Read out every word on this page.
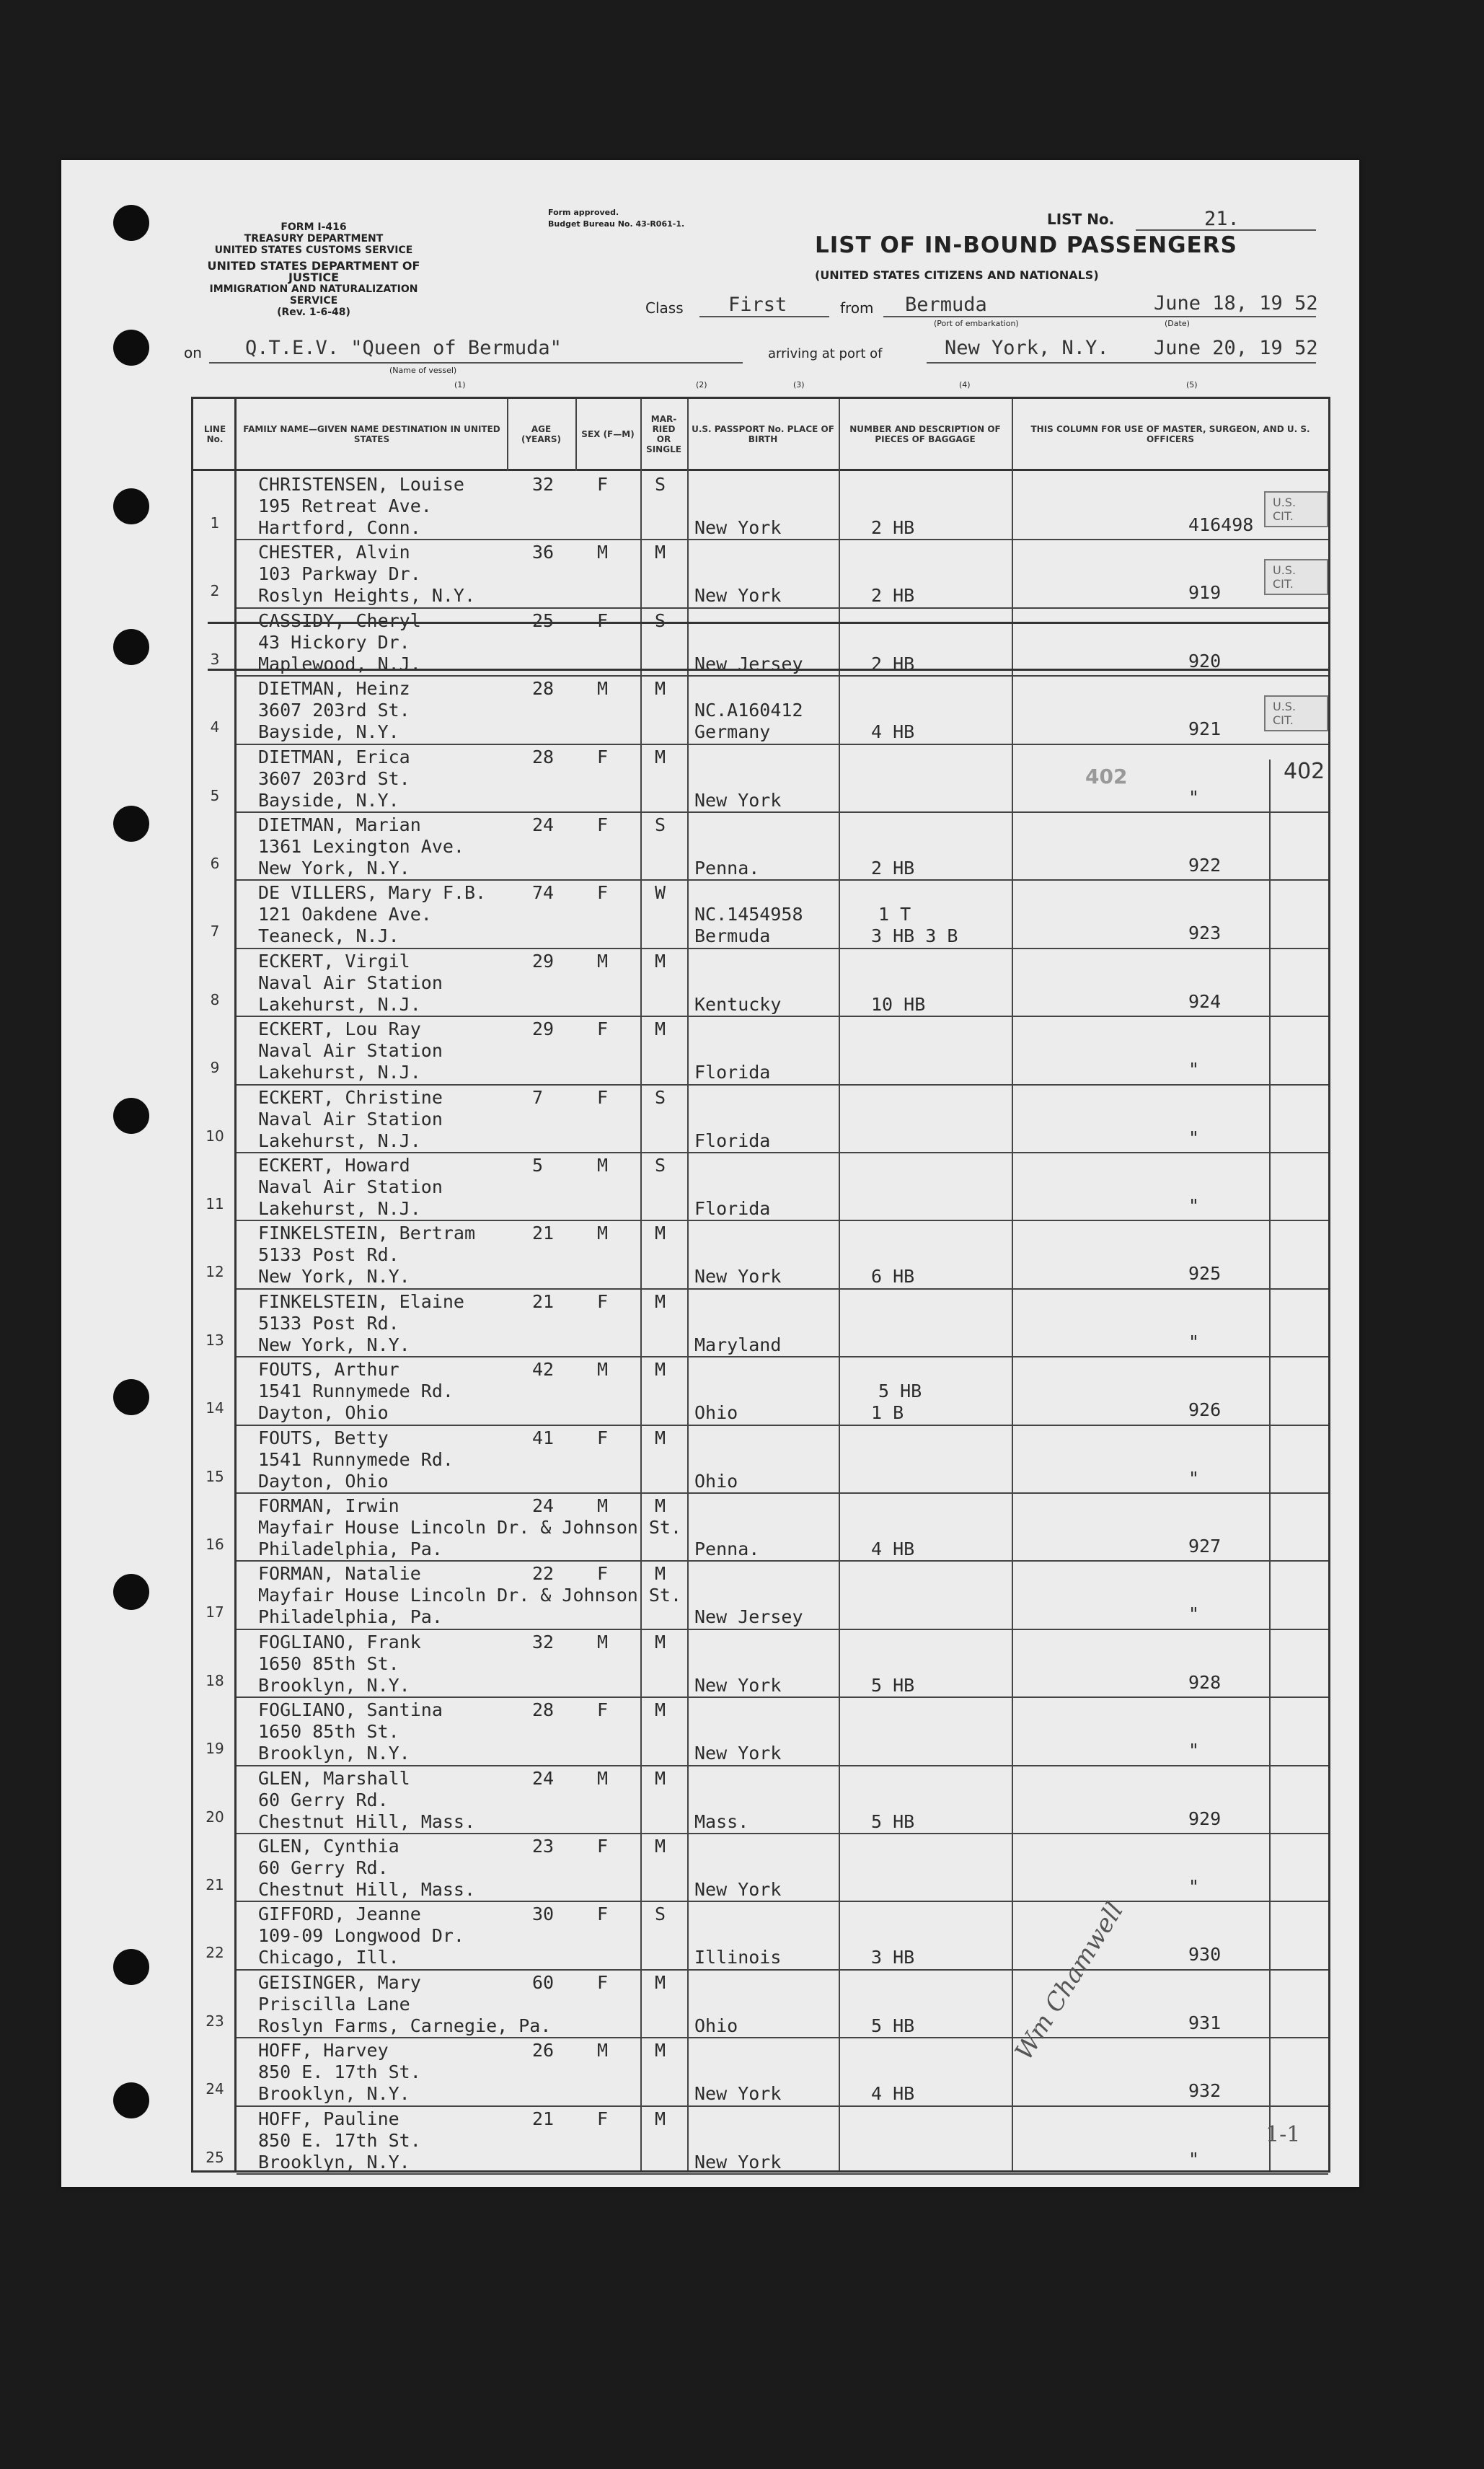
FORM I-416
TREASURY DEPARTMENT
UNITED STATES CUSTOMS SERVICE
UNITED STATES DEPARTMENT OF JUSTICE
IMMIGRATION AND NATURALIZATION SERVICE
(Rev. 1-6-48)
Form approved.
Budget Bureau No. 43-R061-1.	LIST No.	21.
LIST OF IN-BOUND PASSENGERS
(UNITED STATES CITIZENS AND NATIONALS)
Class First	from Bermuda
(Port of embarkation)
June 18, 19 52
(Date)
on Q.T.E.V. "Queen of Bermuda"
(Name of vessel)
arriving at port of	New York, N.Y. June 20, 19 52
(1)	(2)	(3)	(4)	(5)
LINE No.
FAMILY NAME—GIVEN NAME DESTINATION IN UNITED STATES
AGE (YEARS)	SEX (F—M)
MAR-RIED OR SINGLE
U.S. PASSPORT No. PLACE OF BIRTH
NUMBER AND DESCRIPTION OF PIECES OF BAGGAGE
THIS COLUMN FOR USE OF MASTER, SURGEON, AND U. S. OFFICERS
1
CHRISTENSEN, Louise
195 Retreat Ave.
Hartford, Conn.
32 F	S
New York	2 HB	416498
U.S. CIT.
2
CHESTER, Alvin
103 Parkway Dr.
Roslyn Heights, N.Y.
36 M	M
New York	2 HB	919
U.S. CIT.
3
CASSIDY, Cheryl
43 Hickory Dr.
Maplewood, N.J.
25 F	S
New Jersey	2 HB	920
4
DIETMAN, Heinz
3607 203rd St.
Bayside, N.Y.
28 M	M
NC.A160412
Germany	4 HB	921
U.S. CIT.
5
DIETMAN, Erica
3607 203rd St.
Bayside, N.Y.
28 F	M
New York	"
6
DIETMAN, Marian
1361 Lexington Ave.
New York, N.Y.
24 F	S
Penna.	2 HB	922
7
DE VILLERS, Mary F.B.
121 Oakdene Ave.
Teaneck, N.J.
74 F	W
NC.1454958
Bermuda
1 T
3 HB 3 B	923
8
ECKERT, Virgil
Naval Air Station
Lakehurst, N.J.
29 M	M
Kentucky	10 HB	924
9
ECKERT, Lou Ray
Naval Air Station
Lakehurst, N.J.
29 F	M
Florida	"
10
ECKERT, Christine
Naval Air Station
Lakehurst, N.J.
7	F	S
Florida	"
11
ECKERT, Howard
Naval Air Station
Lakehurst, N.J.
5	M	S
Florida	"
12
FINKELSTEIN, Bertram
5133 Post Rd.
New York, N.Y.
21 M	M
New York	6 HB	925
13
FINKELSTEIN, Elaine
5133 Post Rd.
New York, N.Y.
21 F	M
Maryland	"
14
FOUTS, Arthur
1541 Runnymede Rd.
Dayton, Ohio
42 M	M
Ohio
5 HB
1 B	926
15
FOUTS, Betty
1541 Runnymede Rd.
Dayton, Ohio
41 F	M
Ohio	"
16
FORMAN, Irwin
Mayfair House Lincoln Dr. & Johnson St.
Philadelphia, Pa.
24 M	M
Penna.	4 HB	927
17
FORMAN, Natalie
Mayfair House Lincoln Dr. & Johnson St.
Philadelphia, Pa.
22 F	M
New Jersey	"
18
FOGLIANO, Frank
1650 85th St.
Brooklyn, N.Y.
32 M	M
New York	5 HB	928
19
FOGLIANO, Santina
1650 85th St.
Brooklyn, N.Y.
28 F	M
New York	"
20
GLEN, Marshall
60 Gerry Rd.
Chestnut Hill, Mass.
24 M	M
Mass.	5 HB	929
21
GLEN, Cynthia
60 Gerry Rd.
Chestnut Hill, Mass.
23 F	M
New York	"
22
GIFFORD, Jeanne
109-09 Longwood Dr.
Chicago, Ill.
30 F	S
Illinois	3 HB	930
23
GEISINGER, Mary
Priscilla Lane
Roslyn Farms, Carnegie, Pa.
60 F	M
Ohio	5 HB	931
24
HOFF, Harvey
850 E. 17th St.
Brooklyn, N.Y.
26 M	M
New York	4 HB	932
25
HOFF, Pauline
850 E. 17th St.
Brooklyn, N.Y.
21 F	M
New York	"
402
402
Wm Chamwell
1-1
